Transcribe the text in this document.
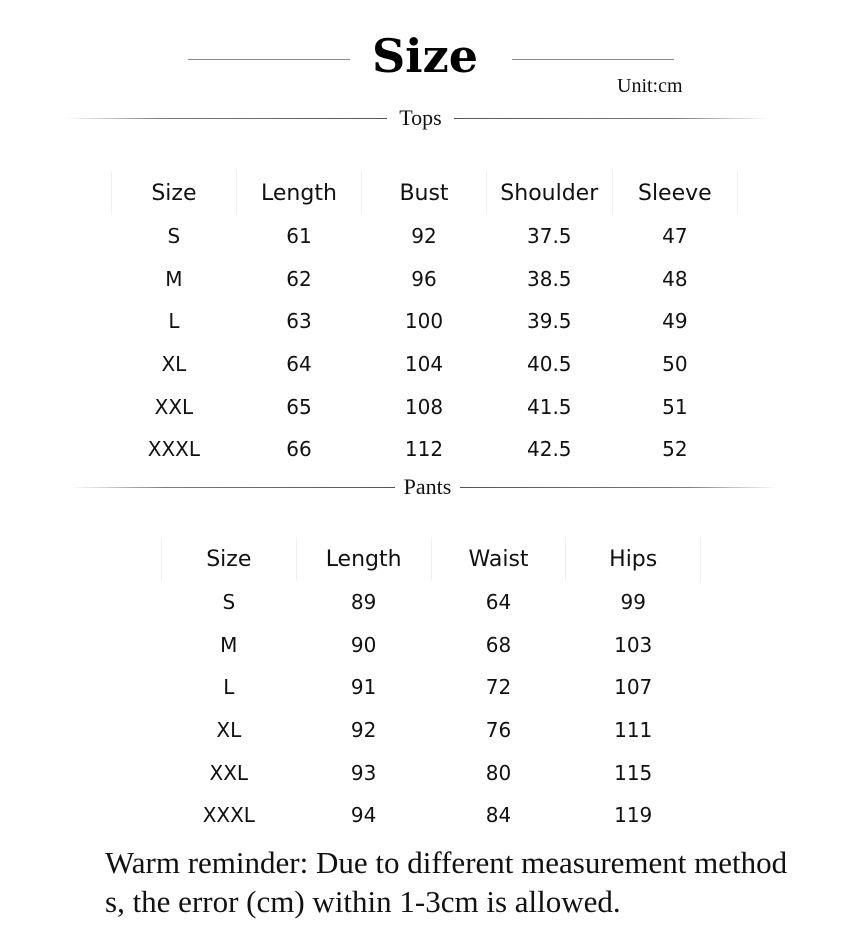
Size
Unit:cm
Tops
Size	Length	Bust	Shoulder	Sleeve
S	61	92	37.5	47
M	62	96	38.5	48
L	63	100	39.5	49
XL	64	104	40.5	50
XXL	65	108	41.5	51
XXXL	66	112	42.5	52
Pants
Size	Length	Waist	Hips
S	89	64	99
M	90	68	103
L	91	72	107
XL	92	76	111
XXL	93	80	115
XXXL	94	84	119
Warm reminder: Due to different measurement methods, the error (cm) within 1-3cm is allowed.
